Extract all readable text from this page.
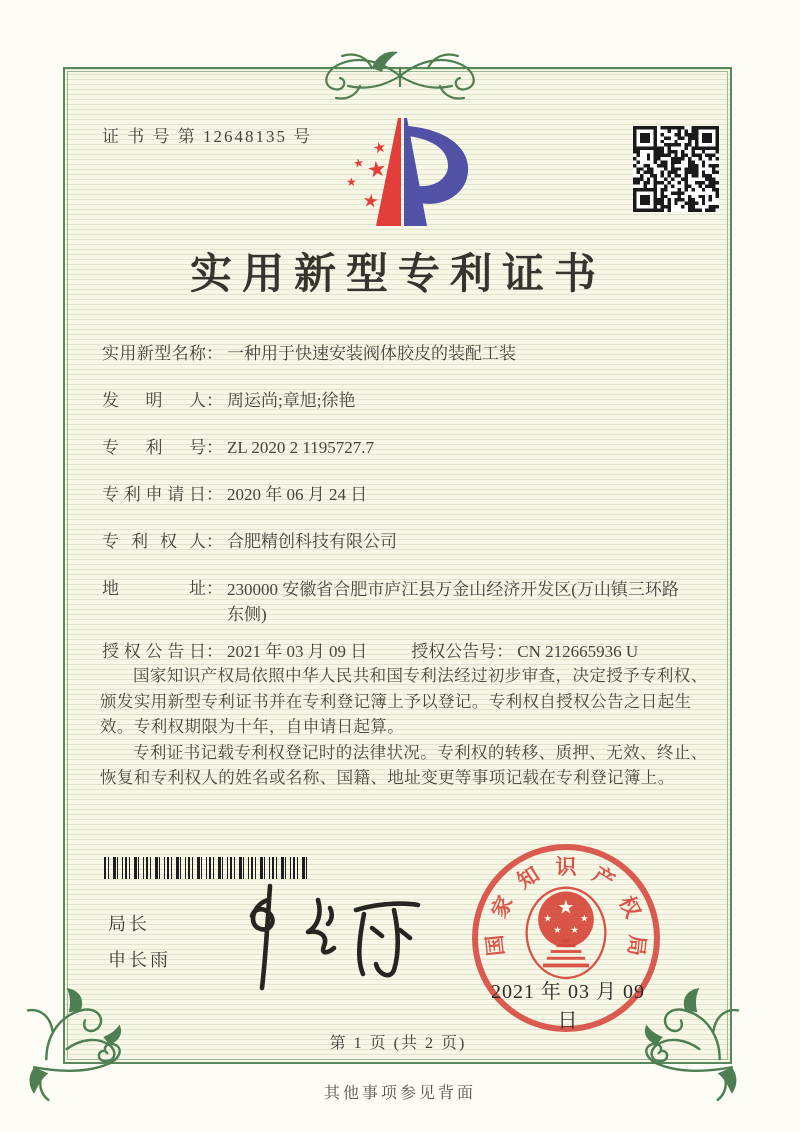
证 书 号 第 12648135 号
★
★ ★
★
★
实用新型专利证书
实用新型名称 ： 一种用于快速安装阀体胶皮的装配工装
发明人 ： 周运尚;章旭;徐艳
专利号 ： ZL 2020 2 1195727.7
专利申请日 ： 2020 年 06 月 24 日
专利权人 ： 合肥精创科技有限公司
地址 ： 230000 安徽省合肥市庐江县万金山经济开发区(万山镇三环路东侧)
授权公告日 ： 2021 年 03 月 09 日	授权公告号 ： CN 212665936 U

国家知识产权局依照中华人民共和国专利法经过初步审查，决定授予专利权、颁发实用新型专利证书并在专利登记簿上予以登记。专利权自授权公告之日起生效。专利权期限为十年，自申请日起算。

专利证书记载专利权登记时的法律状况。专利权的转移、质押、无效、终止、恢复和专利权人的姓名或名称、国籍、地址变更等事项记载在专利登记簿上。

局长
申长雨
国
家
知 识 产
权
局
★
★
★
★
★
2021 年 03 月 09 日
第 1 页 (共 2 页)
其他事项参见背面
